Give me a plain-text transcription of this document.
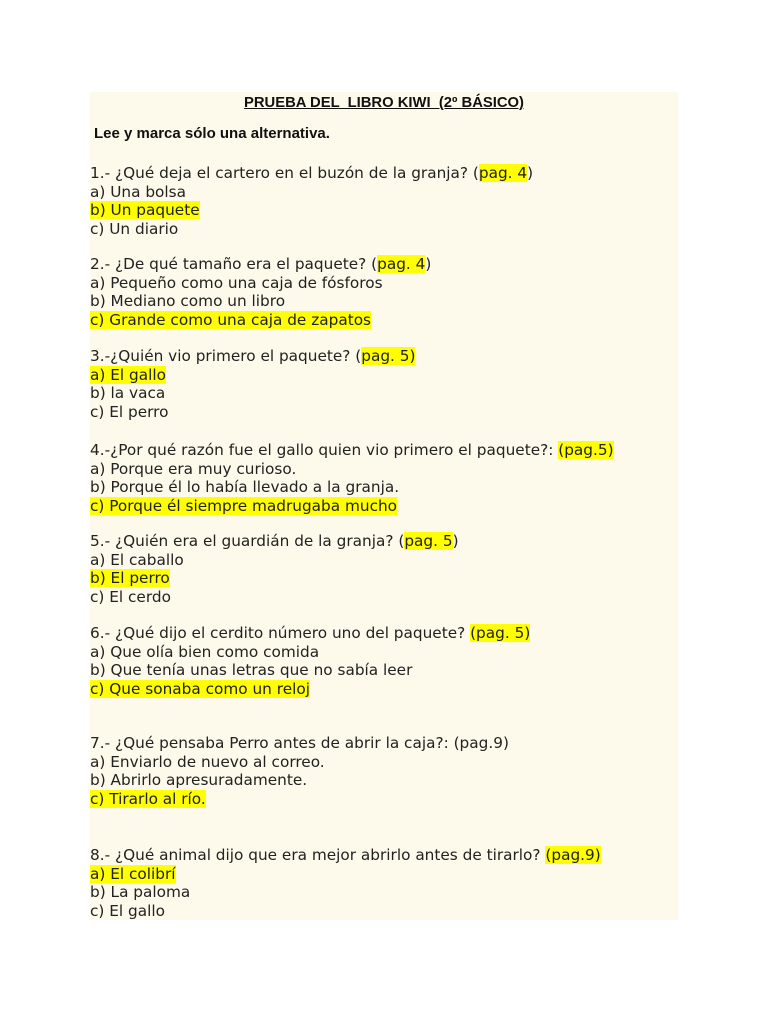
PRUEBA DEL  LIBRO KIWI  (2º BÁSICO)
Lee y marca sólo una alternativa.
1.- ¿Qué deja el cartero en el buzón de la granja? (pag. 4)
a) Una bolsa
b) Un paquete
c) Un diario
2.- ¿De qué tamaño era el paquete? (pag. 4)
a) Pequeño como una caja de fósforos
b) Mediano como un libro
c) Grande como una caja de zapatos
3.-¿Quién vio primero el paquete? (pag. 5)
a) El gallo
b) la vaca
c) El perro
4.-¿Por qué razón fue el gallo quien vio primero el paquete?: (pag.5)
a) Porque era muy curioso.
b) Porque él lo había llevado a la granja.
c) Porque él siempre madrugaba mucho
5.- ¿Quién era el guardián de la granja? (pag. 5)
a) El caballo
b) El perro
c) El cerdo
6.- ¿Qué dijo el cerdito número uno del paquete? (pag. 5)
a) Que olía bien como comida
b) Que tenía unas letras que no sabía leer
c) Que sonaba como un reloj
7.- ¿Qué pensaba Perro antes de abrir la caja?: (pag.9)
a) Enviarlo de nuevo al correo.
b) Abrirlo apresuradamente.
c) Tirarlo al río.
8.- ¿Qué animal dijo que era mejor abrirlo antes de tirarlo? (pag.9)
a) El colibrí
b) La paloma
c) El gallo
